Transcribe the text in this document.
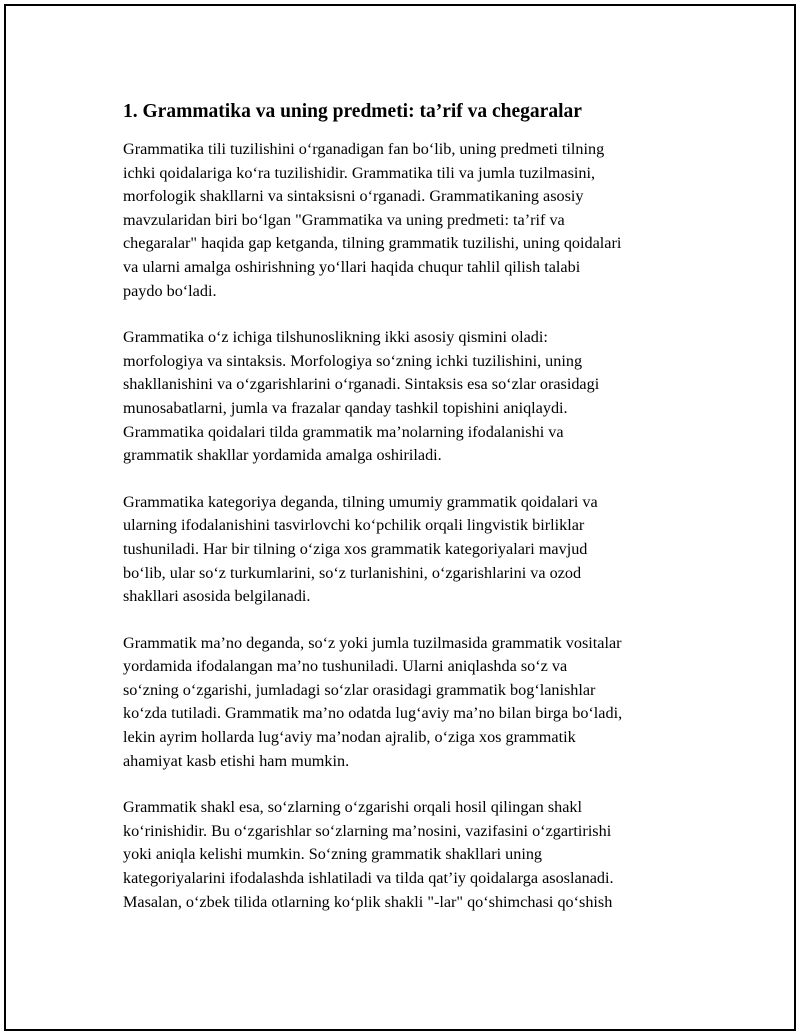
1. Grammatika va uning predmeti: ta’rif va chegaralar

Grammatika tili tuzilishini o‘rganadigan fan bo‘lib, uning predmeti tilning
ichki qoidalariga ko‘ra tuzilishidir. Grammatika tili va jumla tuzilmasini,
morfologik shakllarni va sintaksisni o‘rganadi. Grammatikaning asosiy
mavzularidan biri bo‘lgan "Grammatika va uning predmeti: ta’rif va
chegaralar" haqida gap ketganda, tilning grammatik tuzilishi, uning qoidalari
va ularni amalga oshirishning yo‘llari haqida chuqur tahlil qilish talabi
paydo bo‘ladi.

Grammatika o‘z ichiga tilshunoslikning ikki asosiy qismini oladi:
morfologiya va sintaksis. Morfologiya so‘zning ichki tuzilishini, uning
shakllanishini va o‘zgarishlarini o‘rganadi. Sintaksis esa so‘zlar orasidagi
munosabatlarni, jumla va frazalar qanday tashkil topishini aniqlaydi.
Grammatika qoidalari tilda grammatik ma’nolarning ifodalanishi va
grammatik shakllar yordamida amalga oshiriladi.

Grammatika kategoriya deganda, tilning umumiy grammatik qoidalari va
ularning ifodalanishini tasvirlovchi ko‘pchilik orqali lingvistik birliklar
tushuniladi. Har bir tilning o‘ziga xos grammatik kategoriyalari mavjud
bo‘lib, ular so‘z turkumlarini, so‘z turlanishini, o‘zgarishlarini va ozod
shakllari asosida belgilanadi.

Grammatik ma’no deganda, so‘z yoki jumla tuzilmasida grammatik vositalar
yordamida ifodalangan ma’no tushuniladi. Ularni aniqlashda so‘z va
so‘zning o‘zgarishi, jumladagi so‘zlar orasidagi grammatik bog‘lanishlar
ko‘zda tutiladi. Grammatik ma’no odatda lug‘aviy ma’no bilan birga bo‘ladi,
lekin ayrim hollarda lug‘aviy ma’nodan ajralib, o‘ziga xos grammatik
ahamiyat kasb etishi ham mumkin.

Grammatik shakl esa, so‘zlarning o‘zgarishi orqali hosil qilingan shakl
ko‘rinishidir. Bu o‘zgarishlar so‘zlarning ma’nosini, vazifasini o‘zgartirishi
yoki aniqla kelishi mumkin. So‘zning grammatik shakllari uning
kategoriyalarini ifodalashda ishlatiladi va tilda qat’iy qoidalarga asoslanadi.
Masalan, o‘zbek tilida otlarning ko‘plik shakli "-lar" qo‘shimchasi qo‘shish
